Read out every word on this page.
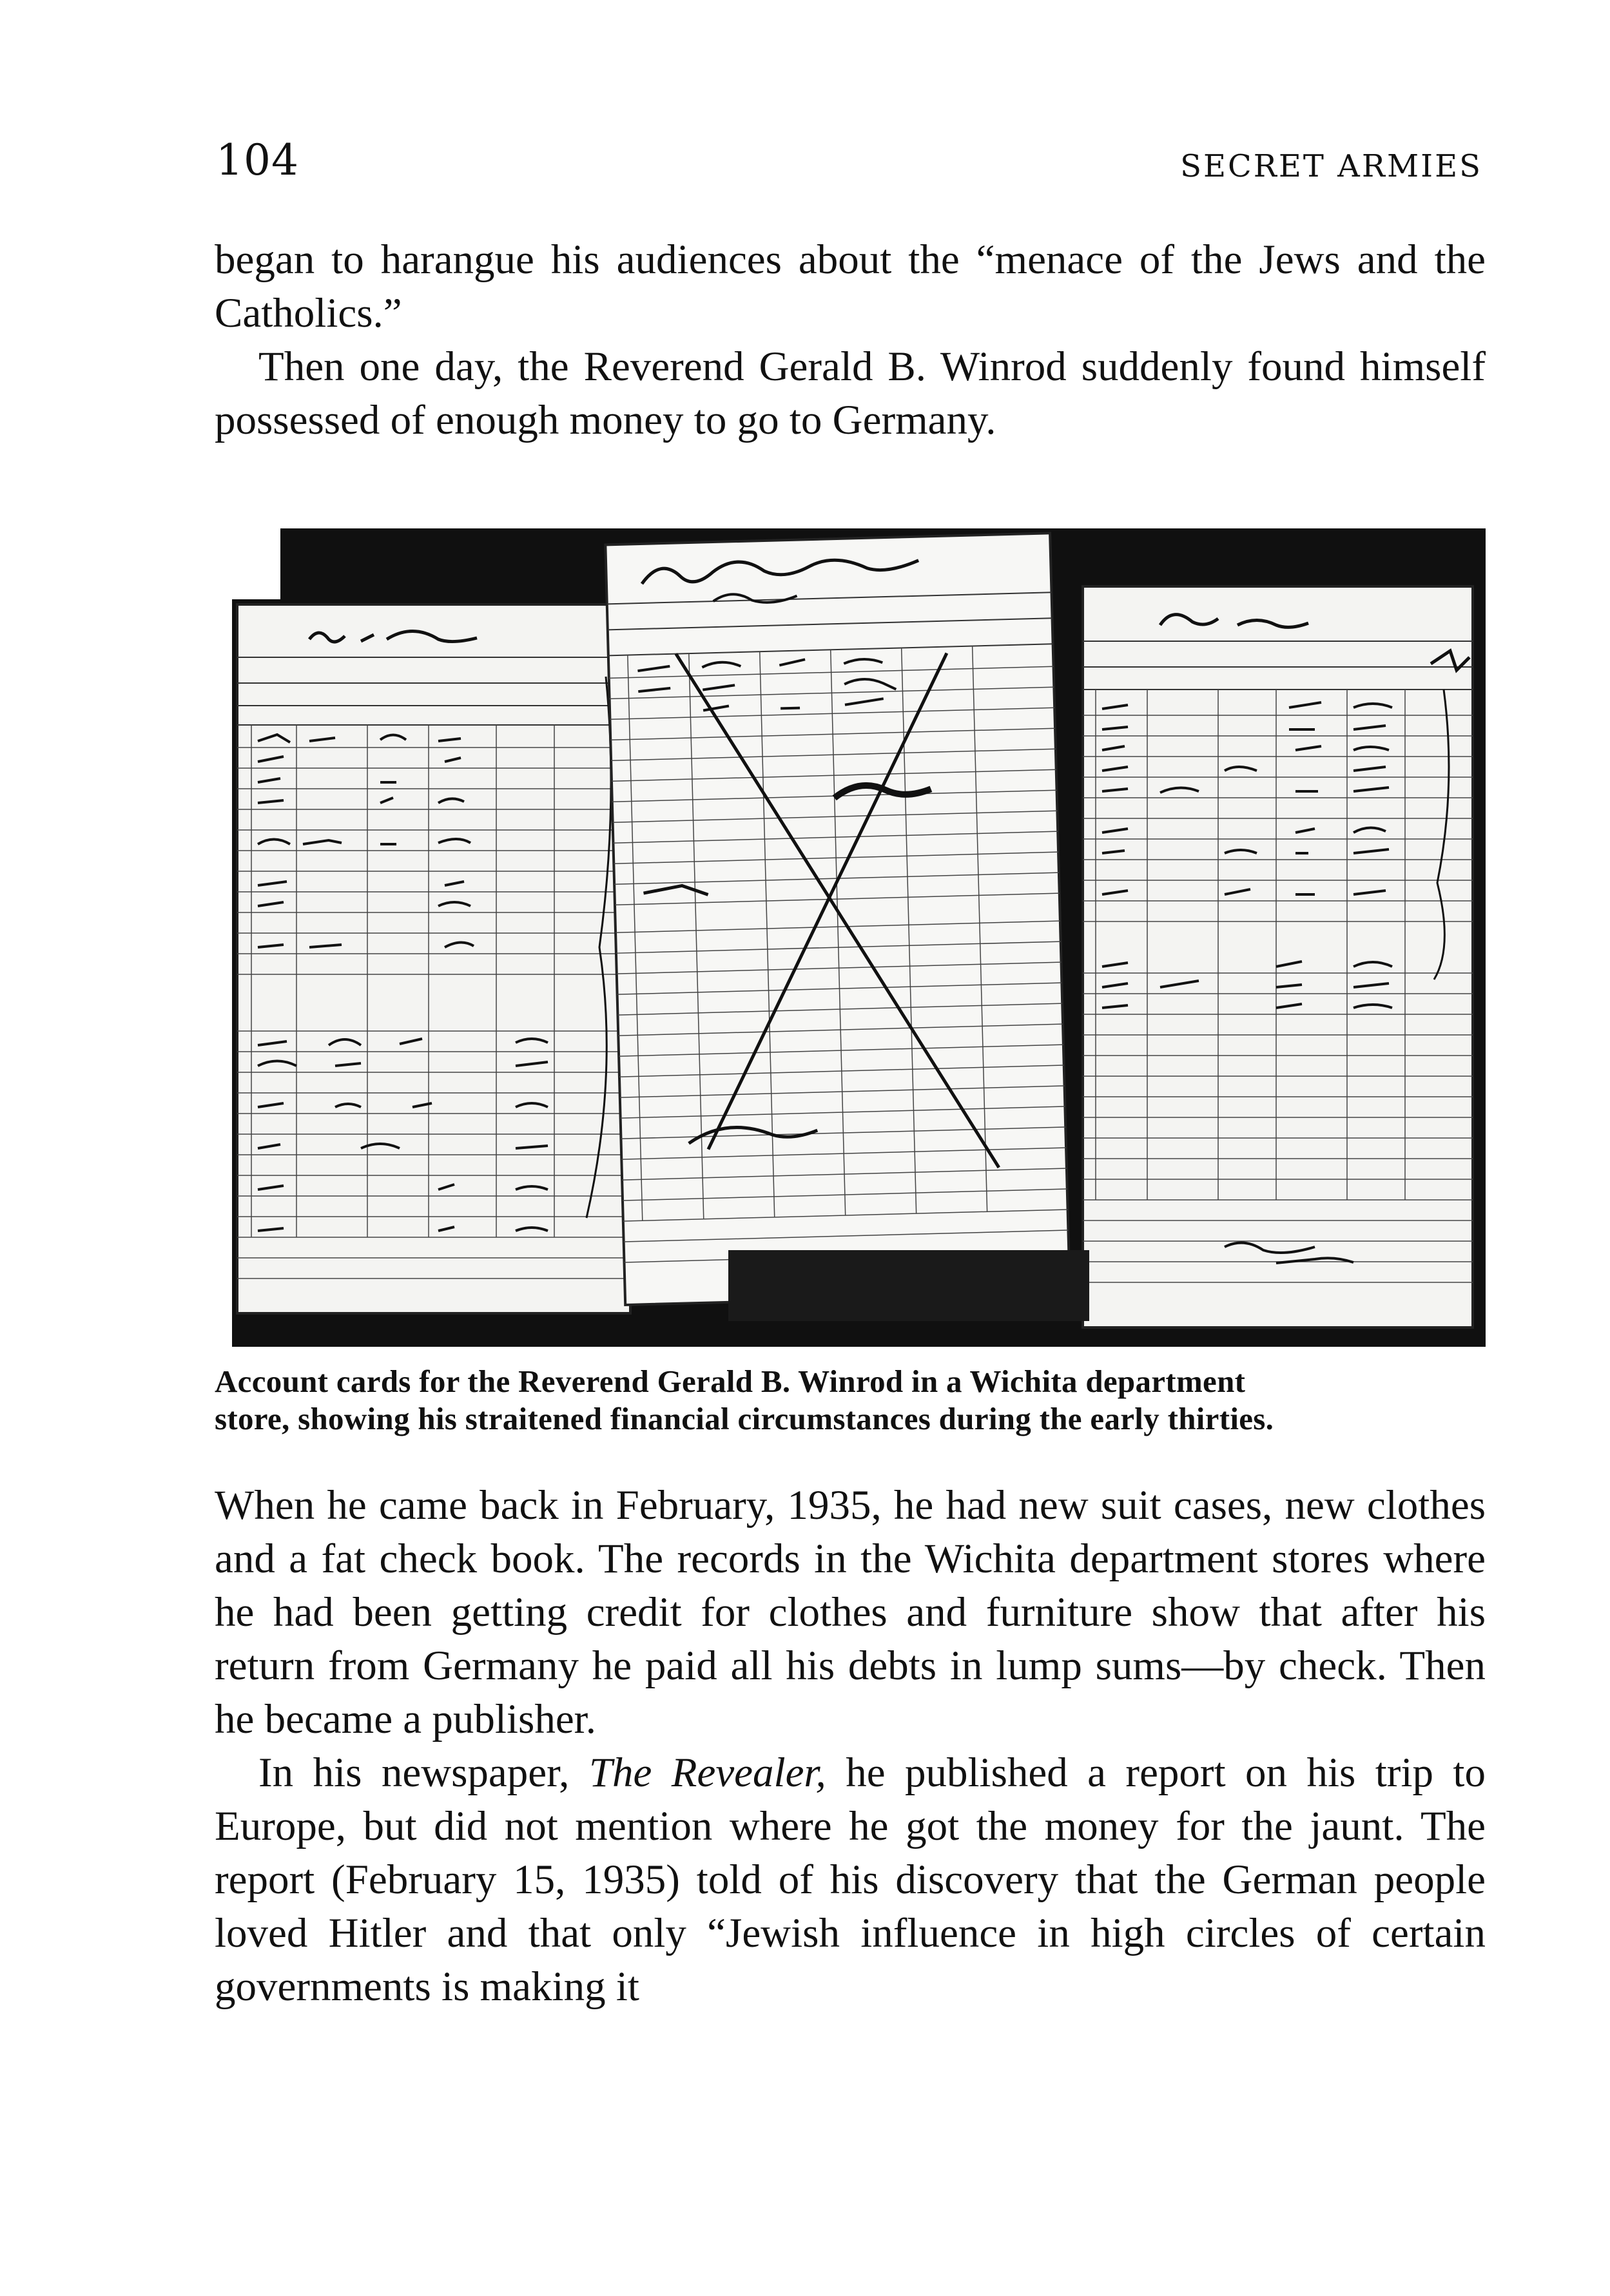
104	SECRET ARMIES

began to harangue his audiences about the “menace of the Jews and the Catholics.”

Then one day, the Reverend Gerald B. Winrod suddenly found himself possessed of enough money to go to Germany.

Account cards for the Reverend Gerald B. Winrod in a Wichita department
store, showing his straitened financial circumstances during the early thirties.

When he came back in February, 1935, he had new suit cases, new clothes and a fat check book. The records in the Wichita department stores where he had been getting credit for clothes and furniture show that after his return from Germany he paid all his debts in lump sums—by check. Then he became a publisher.

In his newspaper, The Revealer, he published a report on his trip to Europe, but did not mention where he got the money for the jaunt. The report (February 15, 1935) told of his discovery that the German people loved Hitler and that only “Jewish influence in high circles of certain governments is making it
